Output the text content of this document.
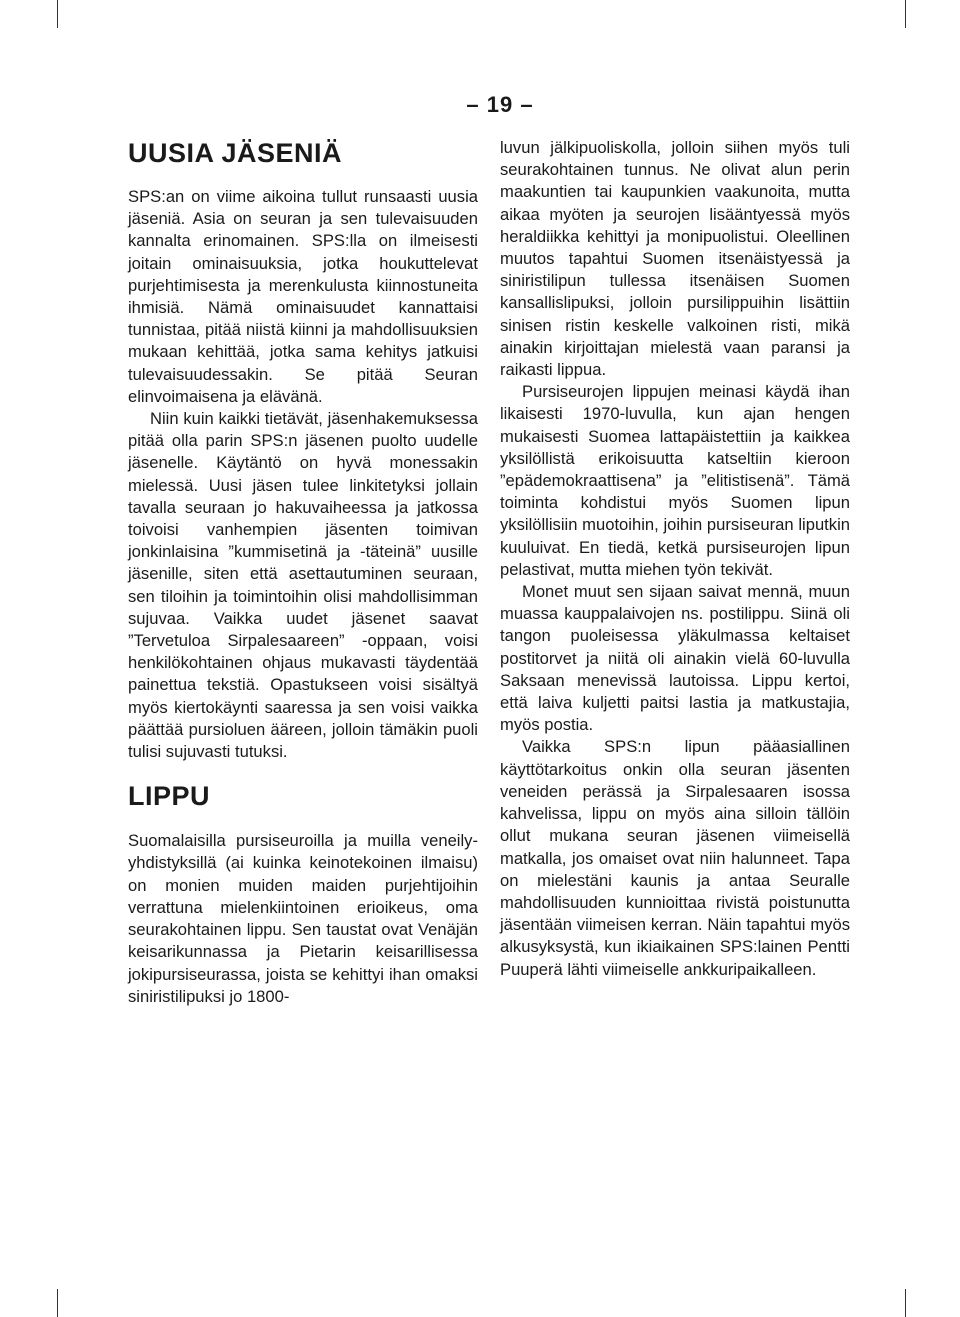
– 19 –
UUSIA JÄSENIÄ

SPS:an on viime aikoina tullut runsaasti uusia jäseniä. Asia on seuran ja sen tulevaisuuden kannalta erinomainen. SPS:lla on ilmeisesti joitain ominaisuuksia, jotka houkuttelevat purjehtimisesta ja merenkulusta kiinnostuneita ihmisiä. Nämä ominaisuudet kannattaisi tunnistaa, pitää niistä kiinni ja mahdollisuuksien mukaan kehittää, jotka sama kehitys jatkuisi tulevaisuudessakin. Se pitää Seuran elinvoimaisena ja elävänä.

Niin kuin kaikki tietävät, jäsenhakemuksessa pitää olla parin SPS:n jäsenen puolto uudelle jäsenelle. Käytäntö on hyvä monessakin mielessä. Uusi jäsen tulee linkitetyksi jollain tavalla seuraan jo hakuvaiheessa ja jatkossa toivoisi vanhempien jäsenten toimivan jonkinlaisina ”kummisetinä ja -täteinä” uusille jäsenille, siten että asettautuminen seuraan, sen tiloihin ja toimintoihin olisi mahdollisimman sujuvaa. Vaikka uudet jäsenet saavat ”Tervetuloa Sirpalesaareen” -oppaan, voisi henkilökohtainen ohjaus mukavasti täydentää painettua tekstiä. Opastukseen voisi sisältyä myös kiertokäynti saaressa ja sen voisi vaikka päättää pursioluen ääreen, jolloin tämäkin puoli tulisi sujuvasti tutuksi.

LIPPU

Suomalaisilla pursiseuroilla ja muilla veneily-yhdistyksillä (ai kuinka keinotekoinen ilmaisu) on monien muiden maiden purjehtijoihin verrattuna mielenkiintoinen erioikeus, oma seurakohtainen lippu. Sen taustat ovat Venäjän keisarikunnassa ja Pietarin keisarillisessa jokipursiseurassa, joista se kehittyi ihan omaksi siniristilipuksi jo 1800-

luvun jälkipuoliskolla, jolloin siihen myös tuli seurakohtainen tunnus. Ne olivat alun perin maakuntien tai kaupunkien vaakunoita, mutta aikaa myöten ja seurojen lisääntyessä myös heraldiikka kehittyi ja monipuolistui. Oleellinen muutos tapahtui Suomen itsenäistyessä ja siniristilipun tullessa itsenäisen Suomen kansallislipuksi, jolloin pursilippuihin lisättiin sinisen ristin keskelle valkoinen risti, mikä ainakin kirjoittajan mielestä vaan paransi ja raikasti lippua.

Pursiseurojen lippujen meinasi käydä ihan likaisesti 1970-luvulla, kun ajan hengen mukaisesti Suomea lattapäistettiin ja kaikkea yksilöllistä erikoisuutta katseltiin kieroon ”epädemokraattisena” ja ”elitistisenä”. Tämä toiminta kohdistui myös Suomen lipun yksilöllisiin muotoihin, joihin pursiseuran liputkin kuuluivat. En tiedä, ketkä pursiseurojen lipun pelastivat, mutta miehen työn tekivät.

Monet muut sen sijaan saivat mennä, muun muassa kauppalaivojen ns. postilippu. Siinä oli tangon puoleisessa yläkulmassa keltaiset postitorvet ja niitä oli ainakin vielä 60-luvulla Saksaan menevissä lautoissa. Lippu kertoi, että laiva kuljetti paitsi lastia ja matkustajia, myös postia.

Vaikka SPS:n lipun pääasiallinen käyttötarkoitus onkin olla seuran jäsenten veneiden perässä ja Sirpalesaaren isossa kahvelissa, lippu on myös aina silloin tällöin ollut mukana seuran jäsenen viimeisellä matkalla, jos omaiset ovat niin halunneet. Tapa on mielestäni kaunis ja antaa Seuralle mahdollisuuden kunnioittaa rivistä poistunutta jäsentään viimeisen kerran. Näin tapahtui myös alkusyksystä, kun ikiaikainen SPS:lainen Pentti Puuperä lähti viimeiselle ankkuripaikalleen.
